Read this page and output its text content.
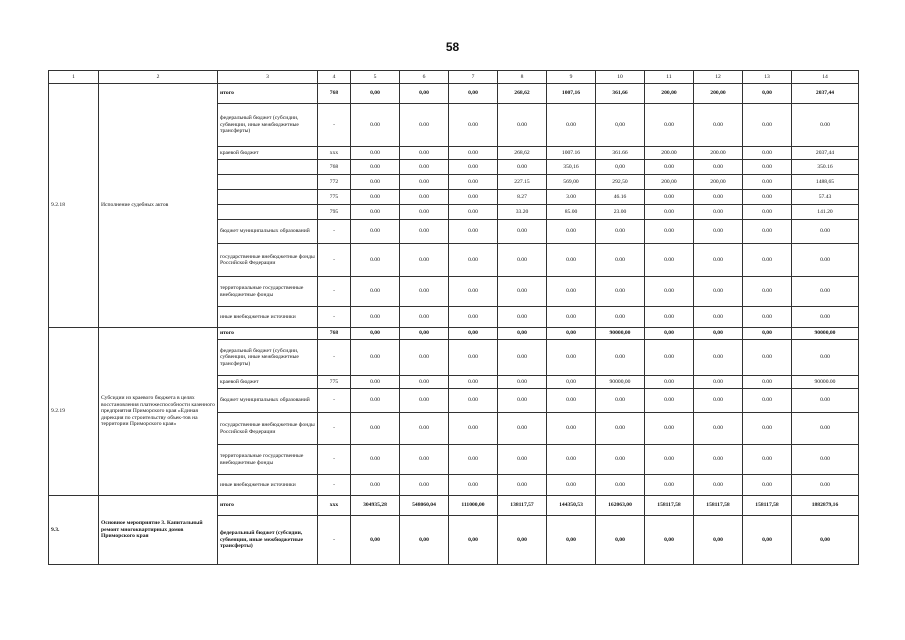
58
1	2	3	4	5	6	7	8	9	10	11	12	13	14
9.2.18	Исполнение судебных актов	итого	768	0,00	0,00	0,00	268,62	1007,16	361,66	200,00	200,00	0,00	2037,44
		федеральный бюджет (субсидии, субвенции, иные межбюджетные трансферты)	-	0.00	0.00	0.00	0.00	0.00	0,00	0.00	0.00	0.00	0.00
		краевой бюджет	ххх	0.00	0.00	0.00	268,62	1007.16	361.66	200.00	200.00	0.00	2037,44
			768	0.00	0.00	0.00	0.00	350,16	0,00	0.00	0.00	0.00	350.16
			772	0.00	0.00	0.00	227.15	569,00	292,50	200,00	200,00	0.00	1488,65
			775	0.00	0.00	0.00	8.27	3.00	46.16	0.00	0.00	0.00	57.43
			795	0.00	0.00	0.00	33.20	85.00	23.00	0.00	0.00	0.00	141.20
		бюджет муниципальных образований	-	0.00	0.00	0.00	0.00	0.00	0.00	0.00	0.00	0.00	0.00
		государственные внебюджетные фонды Российской Федерации	-	0.00	0.00	0.00	0.00	0.00	0.00	0.00	0.00	0.00	0.00
		территориальные государственные внебюджетные фонды	-	0.00	0.00	0.00	0.00	0.00	0.00	0.00	0.00	0.00	0.00
		иные внебюджетные источники	-	0.00	0.00	0.00	0.00	0.00	0.00	0.00	0.00	0.00	0.00
9.2.19	Субсидии из краевого бюджета в целях восстановления платежеспособности казенного предприятия Приморского края «Единая дирекция по строительству объек-тов на территории Приморского края»	итого	768	0,00	0,00	0,00	0,00	0,00	90000,00	0,00	0,00	0,00	90000,00
		федеральный бюджет (субсидии, субвенции, иные межбюджетные трансферты)	-	0.00	0.00	0.00	0.00	0.00	0.00	0.00	0.00	0.00	0.00
		краевой бюджет	775	0.00	0.00	0.00	0.00	0,00	90000,00	0.00	0.00	0.00	90000.00
		бюджет муниципальных образований	-	0.00	0.00	0.00	0.00	0.00	0.00	0.00	0.00	0.00	0.00
		государственные внебюджетные фонды Российской Федерации	-	0.00	0.00	0.00	0.00	0.00	0.00	0.00	0.00	0.00	0.00
		территориальные государственные внебюджетные фонды	-	0.00	0.00	0.00	0.00	0.00	0.00	0.00	0.00	0.00	0.00
		иные внебюджетные источники	-	0.00	0.00	0.00	0.00	0.00	0.00	0.00	0.00	0.00	0.00
9.3.	Основное мероприятие 3. Капитальный ремонт многоквартирных домов Приморского края	итого	ххх	304935,28	548060,04	111000,00	138117,57	144350,53	162063,00	158117,58	158117,58	158117,58	1882879,16
		федеральный бюджет (субсидии, субвенции, иные межбюджетные трансферты)	-	0,00	0,00	0,00	0,00	0,00	0,00	0,00	0,00	0,00	0,00
